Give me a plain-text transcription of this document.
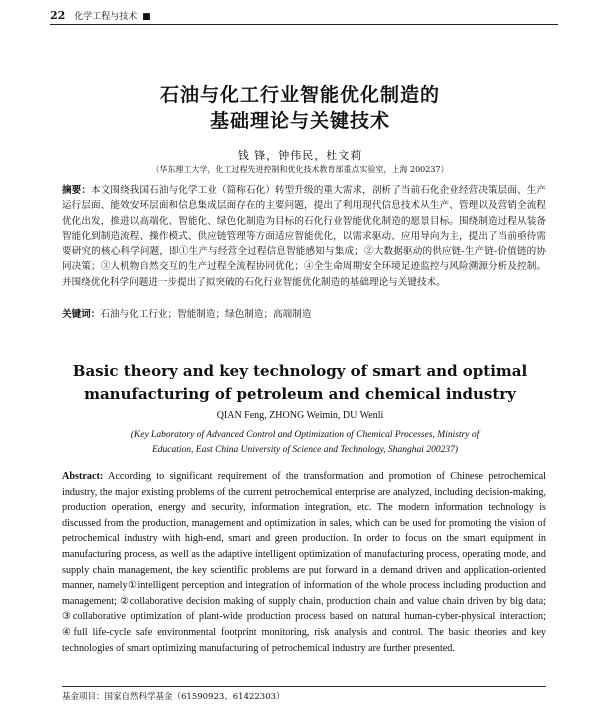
22 化学工程与技术 ■
石油与化工行业智能优化制造的
基础理论与关键技术
钱 锋，钟伟民，杜文莉
（华东理工大学，化工过程先进控制和优化技术教育部重点实验室，上海 200237）
摘要：本文围绕我国石油与化学工业（简称石化）转型升级的重大需求，剖析了当前石化企业经营决策层面、生产运行层面、能效安环层面和信息集成层面存在的主要问题，提出了利用现代信息技术从生产、管理以及营销全流程优化出发，推进以高端化、智能化、绿色化制造为目标的石化行业智能优化制造的愿景目标。围绕制造过程从装备智能化到制造流程、操作模式、供应链管理等方面适应智能优化，以需求驱动、应用导向为主，提出了当前亟待需要研究的核心科学问题，即①生产与经营全过程信息智能感知与集成；②大数据驱动的供应链-生产链-价值链的协同决策；③人机物自然交互的生产过程全流程协同优化；④全生命周期安全环境足迹监控与风险溯源分析及控制。并围绕优化科学问题进一步提出了拟突破的石化行业智能优化制造的基础理论与关键技术。
关键词：石油与化工行业；智能制造；绿色制造；高端制造
Basic theory and key technology of smart and optimal
manufacturing of petroleum and chemical industry
QIAN Feng, ZHONG Weimin, DU Wenli
(Key Laboratory of Advanced Control and Optimization of Chemical Processes, Ministry of
Education, East China University of Science and Technology, Shanghai 200237)
Abstract: According to significant requirement of the transformation and promotion of Chinese petrochemical industry, the major existing problems of the current petrochemical enterprise are analyzed, including decision-making, production operation, energy and security, information integration, etc. The modern information technology is discussed from the production, management and optimization in sales, which can be used for promoting the vision of petrochemical industry with high-end, smart and green production. In order to focus on the smart equipment in manufacturing process, as well as the adaptive intelligent optimization of manufacturing process, operating mode, and supply chain management, the key scientific problems are put forward in a demand driven and application-oriented manner, namely①intelligent perception and integration of information of the whole process including production and management; ②collaborative decision making of supply chain, production chain and value chain driven by big data; ③collaborative optimization of plant-wide production process based on natural human-cyber-physical interaction; ④full life-cycle safe environmental footprint monitoring, risk analysis and control. The basic theories and key technologies of smart optimizing manufacturing of petrochemical industry are further presented.
基金项目：国家自然科学基金（61590923、61422303）
